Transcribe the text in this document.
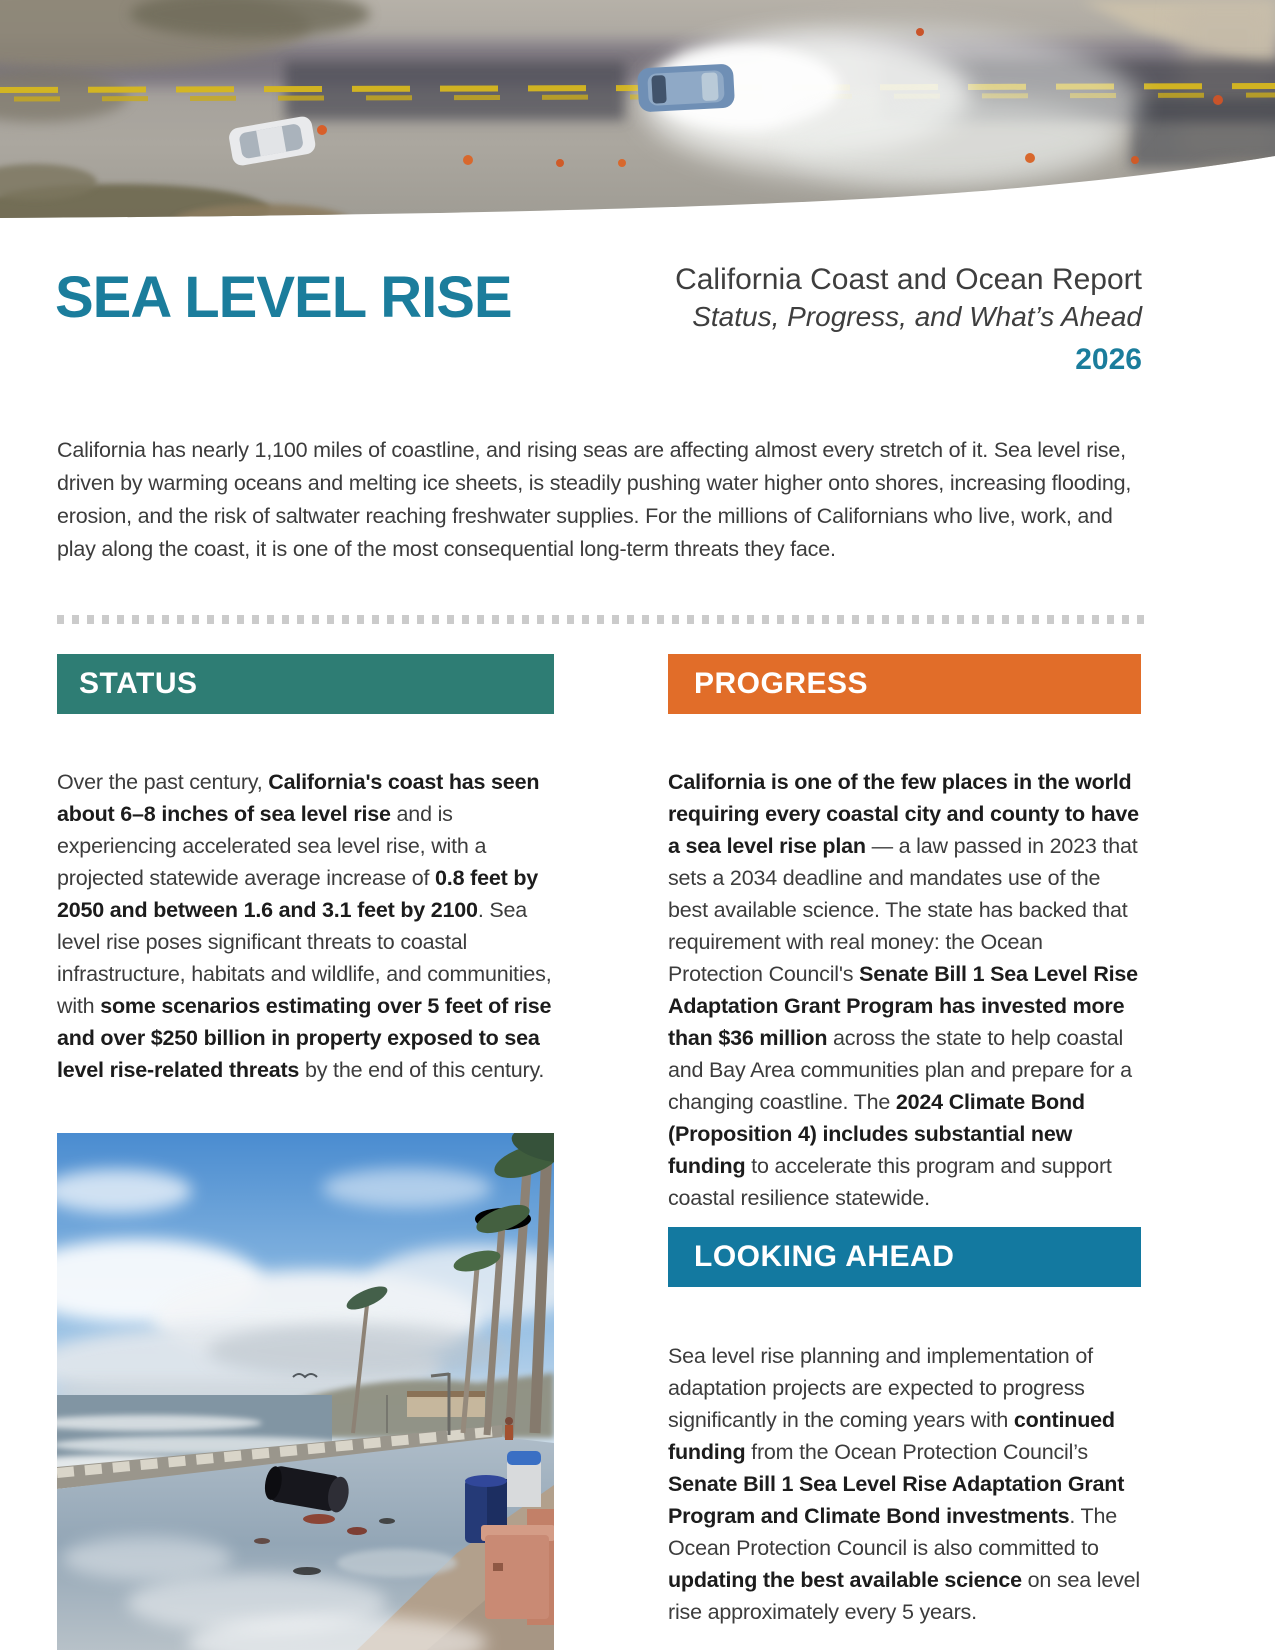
SEA LEVEL RISE	California Coast and Ocean Report
Status, Progress, and What’s Ahead
2026

California has nearly 1,100 miles of coastline, and rising seas are affecting almost every stretch of it. Sea level rise, driven by warming oceans and melting ice sheets, is steadily pushing water higher onto shores, increasing flooding, erosion, and the risk of saltwater reaching freshwater supplies. For the millions of Californians who live, work, and play along the coast, it is one of the most consequential long-term threats they face.

STATUS	PROGRESS
LOOKING AHEAD

Over the past century, California's coast has seen about 6–8 inches of sea level rise and is experiencing accelerated sea level rise, with a projected statewide average increase of 0.8 feet by 2050 and between 1.6 and 3.1 feet by 2100. Sea level rise poses significant threats to coastal infrastructure, habitats and wildlife, and communities, with some scenarios estimating over 5 feet of rise and over $250 billion in property exposed to sea level rise-related threats by the end of this century.

California is one of the few places in the world requiring every coastal city and county to have a sea level rise plan — a law passed in 2023 that sets a 2034 deadline and mandates use of the best available science. The state has backed that requirement with real money: the Ocean Protection Council's Senate Bill 1 Sea Level Rise Adaptation Grant Program has invested more than $36 million across the state to help coastal and Bay Area communities plan and prepare for a changing coastline. The 2024 Climate Bond (Proposition 4) includes substantial new funding to accelerate this program and support coastal resilience statewide.

Sea level rise planning and implementation of adaptation projects are expected to progress significantly in the coming years with continued funding from the Ocean Protection Council’s Senate Bill 1 Sea Level Rise Adaptation Grant Program and Climate Bond investments. The Ocean Protection Council is also committed to updating the best available science on sea level rise approximately every 5 years.
